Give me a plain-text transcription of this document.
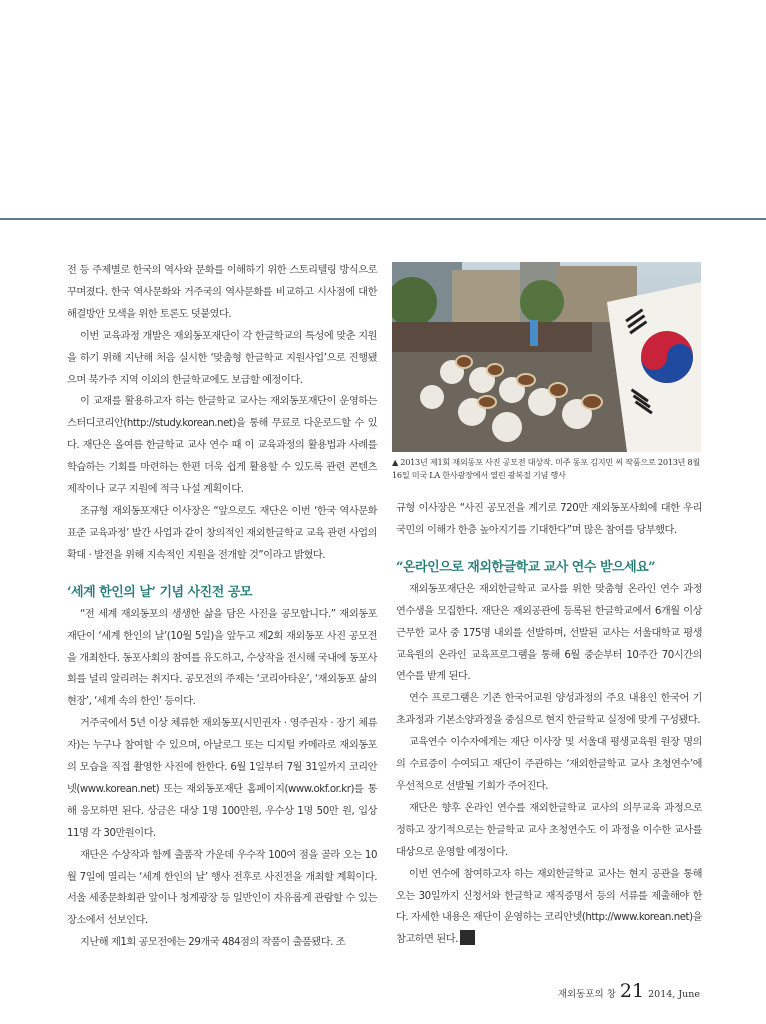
전 등 주제별로 한국의 역사와 문화를 이해하기 위한 스토리텔링 방식으로 꾸며졌다. 한국 역사문화와 거주국의 역사문화를 비교하고 시사점에 대한 해결방안 모색을 위한 토론도 덧붙였다.

이번 교육과정 개발은 재외동포재단이 각 한글학교의 특성에 맞춘 지원을 하기 위해 지난해 처음 실시한 ‘맞춤형 한글학교 지원사업’으로 진행됐으며 북가주 지역 이외의 한글학교에도 보급할 예정이다.

이 교재를 활용하고자 하는 한글학교 교사는 재외동포재단이 운영하는 스터디코리안(http://study.korean.net)을 통해 무료로 다운로드할 수 있다. 재단은 올여름 한글학교 교사 연수 때 이 교육과정의 활용법과 사례를 학습하는 기회를 마련하는 한편 더욱 쉽게 활용할 수 있도록 관련 콘텐츠 제작이나 교구 지원에 적극 나설 계획이다.

조규형 재외동포재단 이사장은 “앞으로도 재단은 이번 ‘한국 역사문화 표준 교육과정’ 발간 사업과 같이 창의적인 재외한글학교 교육 관련 사업의 확대 · 발전을 위해 지속적인 지원을 전개할 것”이라고 밝혔다.

‘세계 한인의 날’ 기념 사진전 공모

“전 세계 재외동포의 생생한 삶을 담은 사진을 공모합니다.” 재외동포재단이 ‘세계 한인의 날’(10월 5일)을 앞두고 제2회 재외동포 사진 공모전을 개최한다. 동포사회의 참여를 유도하고, 수상작을 전시해 국내에 동포사회를 널리 알리려는 취지다. 공모전의 주제는 ‘코리아타운’, ‘재외동포 삶의 현장’, ‘세계 속의 한인’ 등이다.

거주국에서 5년 이상 체류한 재외동포(시민권자 · 영주권자 · 장기 체류자)는 누구나 참여할 수 있으며, 아날로그 또는 디지털 카메라로 재외동포의 모습을 직접 촬영한 사진에 한한다. 6월 1일부터 7월 31일까지 코리안넷(www.korean.net) 또는 재외동포재단 홈페이지(www.okf.or.kr)를 통해 응모하면 된다. 상금은 대상 1명 100만원, 우수상 1명 50만 원, 입상 11명 각 30만원이다.

재단은 수상작과 함께 출품작 가운데 우수작 100여 점을 골라 오는 10월 7일에 열리는 ‘세계 한인의 날’ 행사 전후로 사진전을 개최할 계획이다. 서울 세종문화회관 앞이나 청계광장 등 일반인이 자유롭게 관람할 수 있는 장소에서 선보인다.

지난해 제1회 공모전에는 29개국 484점의 작품이 출품됐다. 조

▲ 2013년 제1회 재외동포 사진 공모전 대상작. 미주 동포 김지민 씨 작품으로 2013년 8월 16일 미국 LA 한사광장에서 열린 광복절 기념 행사

규형 이사장은 “사진 공모전을 계기로 720만 재외동포사회에 대한 우리 국민의 이해가 한층 높아지기를 기대한다”며 많은 참여를 당부했다.

“온라인으로 재외한글학교 교사 연수 받으세요”

재외동포재단은 재외한글학교 교사를 위한 맞춤형 온라인 연수 과정 연수생을 모집한다. 재단은 재외공관에 등록된 한글학교에서 6개월 이상 근무한 교사 중 175명 내외를 선발하며, 선발된 교사는 서울대학교 평생교육원의 온라인 교육프로그램을 통해 6월 중순부터 10주간 70시간의 연수를 받게 된다.

연수 프로그램은 기존 한국어교원 양성과정의 주요 내용인 한국어 기초과정과 기본소양과정을 중심으로 현지 한글학교 실정에 맞게 구성됐다.

교육연수 이수자에게는 재단 이사장 및 서울대 평생교육원 원장 명의의 수료증이 수여되고 재단이 주관하는 ‘재외한글학교 교사 초청연수’에 우선적으로 선발될 기회가 주어진다.

재단은 향후 온라인 연수를 재외한글학교 교사의 의무교육 과정으로 정하고 장기적으로는 한글학교 교사 초청연수도 이 과정을 이수한 교사를 대상으로 운영할 예정이다.

이번 연수에 참여하고자 하는 재외한글학교 교사는 현지 공관을 통해 오는 30일까지 신청서와 한글학교 재직증명서 등의 서류를 제출해야 한다. 자세한 내용은 재단이 운영하는 코리안넷(http://www.korean.net)을 참고하면 된다.

재외동포의 창 21 2014, June
